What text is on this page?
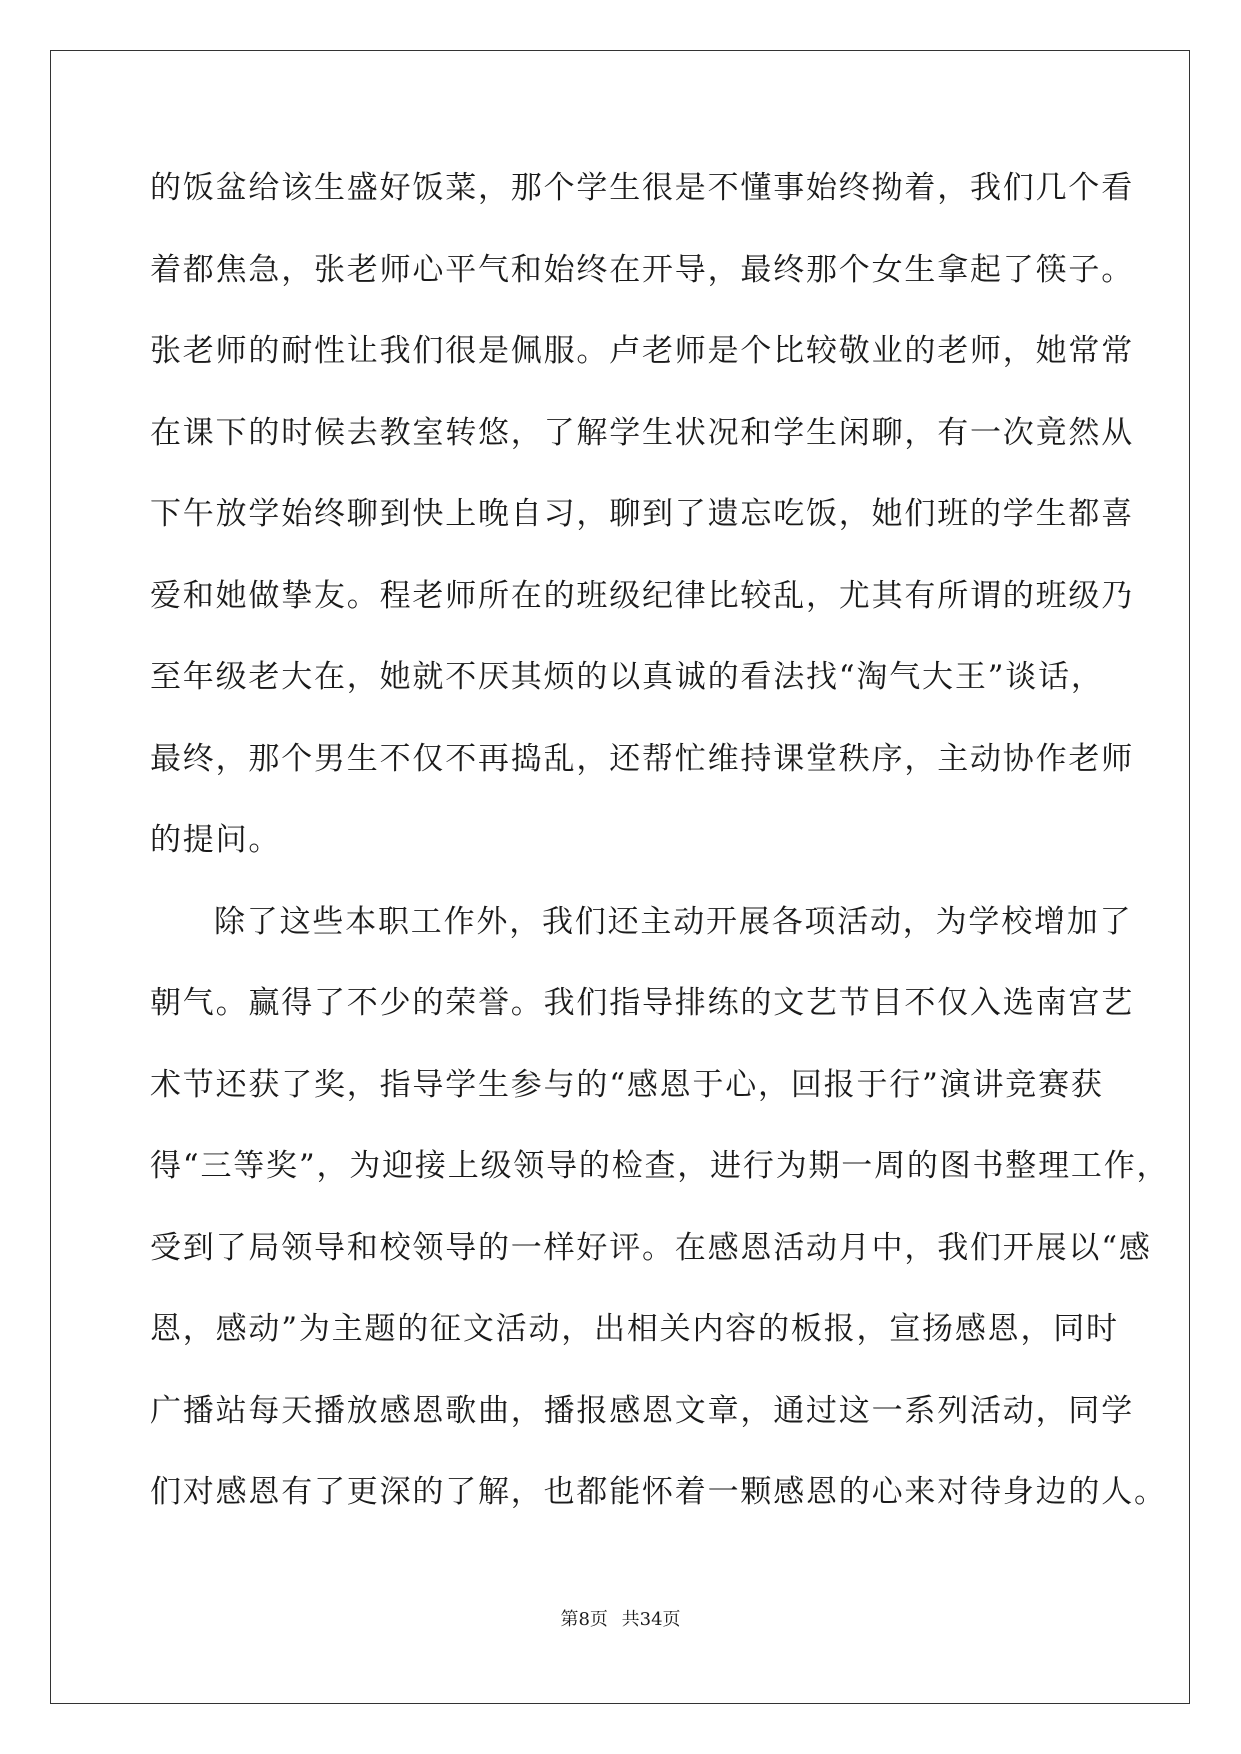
的饭盆给该生盛好饭菜，那个学生很是不懂事始终拗着，我们几个看
着都焦急，张老师心平气和始终在开导，最终那个女生拿起了筷子。
张老师的耐性让我们很是佩服。卢老师是个比较敬业的老师，她常常
在课下的时候去教室转悠，了解学生状况和学生闲聊，有一次竟然从
下午放学始终聊到快上晚自习，聊到了遗忘吃饭，她们班的学生都喜
爱和她做挚友。程老师所在的班级纪律比较乱，尤其有所谓的班级乃
至年级老大在，她就不厌其烦的以真诚的看法找“淘气大王”谈话，
最终，那个男生不仅不再捣乱，还帮忙维持课堂秩序，主动协作老师
的提问。
除了这些本职工作外，我们还主动开展各项活动，为学校增加了
朝气。赢得了不少的荣誉。我们指导排练的文艺节目不仅入选南宫艺
术节还获了奖，指导学生参与的“感恩于心，回报于行”演讲竞赛获
得“三等奖”，为迎接上级领导的检查，进行为期一周的图书整理工作，
受到了局领导和校领导的一样好评。在感恩活动月中，我们开展以“感
恩，感动”为主题的征文活动，出相关内容的板报，宣扬感恩，同时
广播站每天播放感恩歌曲，播报感恩文章，通过这一系列活动，同学
们对感恩有了更深的了解，也都能怀着一颗感恩的心来对待身边的人。
第8页 共34页
